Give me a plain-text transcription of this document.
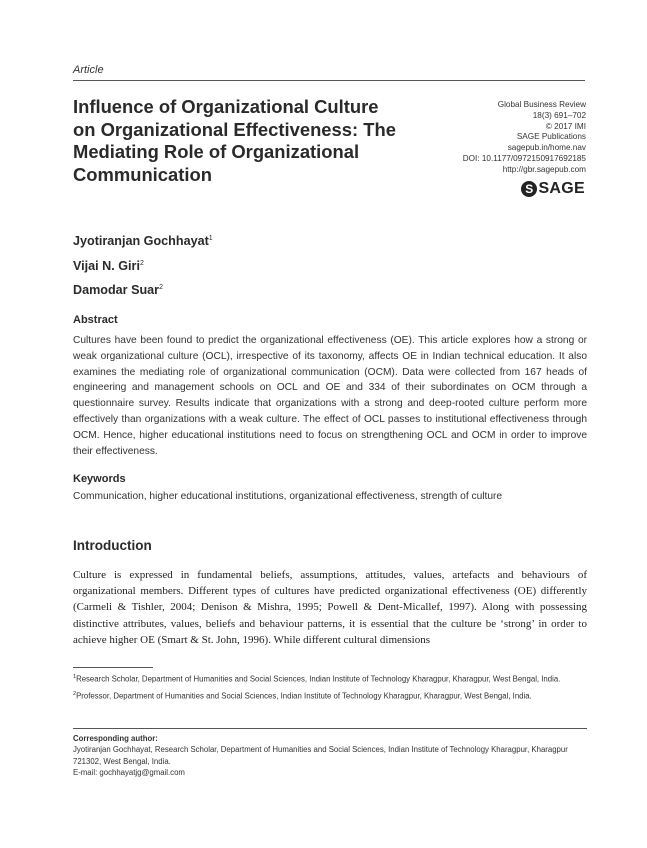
Article
Influence of Organizational Culture
on Organizational Effectiveness: The
Mediating Role of Organizational
Communication
Global Business Review
18(3) 691–702
© 2017 IMI
SAGE Publications
sagepub.in/home.nav
DOI: 10.1177/0972150917692185
http://gbr.sagepub.com
S SAGE
Jyotiranjan Gochhayat$^1$
Vijai N. Giri$^2$
Damodar Suar$^2$
Abstract
Cultures have been found to predict the organizational effectiveness (OE). This article explores how a strong or weak organizational culture (OCL), irrespective of its taxonomy, affects OE in Indian technical education. It also examines the mediating role of organizational communication (OCM). Data were collected from 167 heads of engineering and management schools on OCL and OE and 334 of their subordinates on OCM through a questionnaire survey. Results indicate that organizations with a strong and deep-rooted culture perform more effectively than organizations with a weak culture. The effect of OCL passes to institutional effectiveness through OCM. Hence, higher educational institutions need to focus on strengthening OCL and OCM in order to improve their effectiveness.
Keywords
Communication, higher educational institutions, organizational effectiveness, strength of culture
Introduction
Culture is expressed in fundamental beliefs, assumptions, attitudes, values, artefacts and behaviours of organizational members. Different types of cultures have predicted organizational effectiveness (OE) differently (Carmeli & Tishler, 2004; Denison & Mishra, 1995; Powell & Dent-Micallef, 1997). Along with possessing distinctive attributes, values, beliefs and behaviour patterns, it is essential that the culture be ‘strong’ in order to achieve higher OE (Smart & St. John, 1996). While different cultural dimensions

$^1$Research Scholar, Department of Humanities and Social Sciences, Indian Institute of Technology Kharagpur, Kharagpur, West Bengal, India.

$^2$Professor, Department of Humanities and Social Sciences, Indian Institute of Technology Kharagpur, Kharagpur, West Bengal, India.

Corresponding author:
Jyotiranjan Gochhayat, Research Scholar, Department of Humanities and Social Sciences, Indian Institute of Technology Kharagpur, Kharagpur 721302, West Bengal, India.
E-mail: gochhayatjg@gmail.com
